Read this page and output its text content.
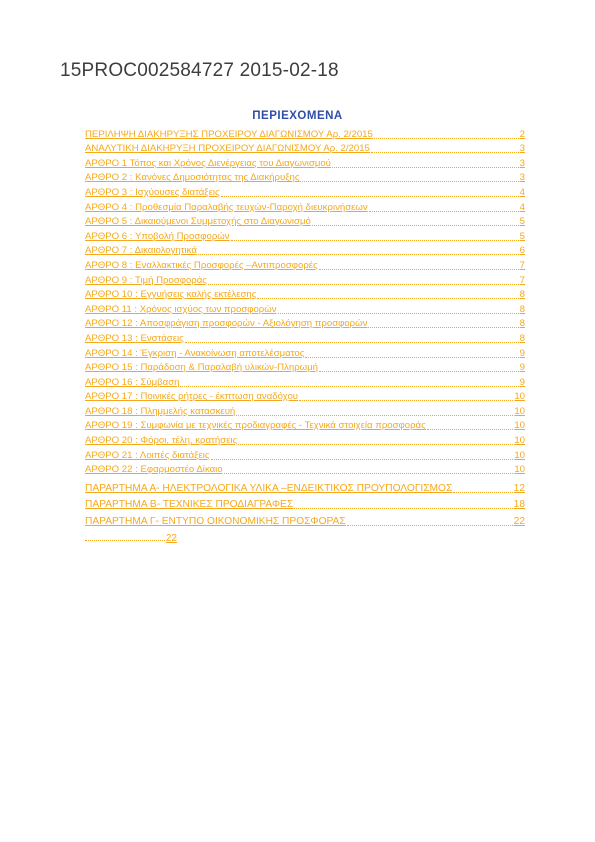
15PROC002584727 2015-02-18
ΠΕΡΙΕΧΟΜΕΝΑ
ΠΕΡΙΛΗΨΗ ΔΙΑΚΗΡΥΞΗΣ ΠΡΟΧΕΙΡΟΥ ΔΙΑΓΩΝΙΣΜΟΥ Αρ. 2/2015	2
ΑΝΑΛΥΤΙΚΗ ΔΙΑΚΗΡΥΞΗ ΠΡΟΧΕΙΡΟΥ ΔΙΑΓΩΝΙΣΜΟΥ Αρ. 2/2015	3
ΑΡΘΡΟ 1 Τόπος και Χρόνος Διενέργειας του Διαγωνισμού	3
ΑΡΘΡΟ 2 : Κανόνες Δημοσιότητας της Διακήρυξης	3
ΑΡΘΡΟ 3 : Ισχύουσες διατάξεις	4
ΑΡΘΡΟ 4 : Προθεσμία Παραλαβής τευχών-Παροχή διευκρινήσεων	4
ΑΡΘΡΟ 5 : Δικαιούμενοι Συμμετοχής στο Διαγωνισμό	5
ΑΡΘΡΟ 6 : Υποβολή Προσφορών	5
ΑΡΘΡΟ 7 : Δικαιολογητικά	6
ΑΡΘΡΟ 8 : Εναλλακτικές Προσφορές –Αντιπροσφορές	7
ΑΡΘΡΟ 9 : Τιμή Προσφοράς	7
ΑΡΘΡΟ 10 : Εγγυήσεις καλής εκτέλεσης	8
ΑΡΘΡΟ 11 : Χρόνος ισχύος των προσφορών	8
ΑΡΘΡΟ 12 : Αποσφράγιση προσφορών - Αξιολόγηση προσφορών	8
ΑΡΘΡΟ 13 : Ενστάσεις	8
ΑΡΘΡΟ 14 : Έγκριση - Ανακοίνωση αποτελέσματος	9
ΑΡΘΡΟ 15 : Παράδοση & Παραλαβή υλικών-Πληρωμή	9
ΑΡΘΡΟ 16 : Σύμβαση	9
ΑΡΘΡΟ 17 : Ποινικές ρήτρες - έκπτωση αναδόχου	10
ΑΡΘΡΟ 18 : Πλημμελής κατασκευή	10
ΑΡΘΡΟ 19 : Συμφωνία με τεχνικές προδιαγραφές - Τεχνικά στοιχεία προσφοράς	10
ΑΡΘΡΟ 20 : Φόροι, τέλη, κρατήσεις	10
ΑΡΘΡΟ 21 : Λοιπές διατάξεις	10
ΑΡΘΡΟ 22 : Εφαρμοστέο Δίκαιο	10
ΠΑΡΑΡΤΗΜΑ Α- ΗΛΕΚΤΡΟΛΟΓΙΚΑ ΥΛΙΚΑ –ΕΝΔΕΙΚΤΙΚΟΣ ΠΡΟΥΠΟΛΟΓΙΣΜΟΣ	12
ΠΑΡΑΡΤΗΜΑ Β- ΤΕΧΝΙΚΕΣ ΠΡΟΔΙΑΓΡΑΦΕΣ	18
ΠΑΡΑΡΤΗΜΑ Γ- ΕΝΤΥΠΟ ΟΙΚΟΝΟΜΙΚΗΣ ΠΡΟΣΦΟΡΑΣ	22
22
